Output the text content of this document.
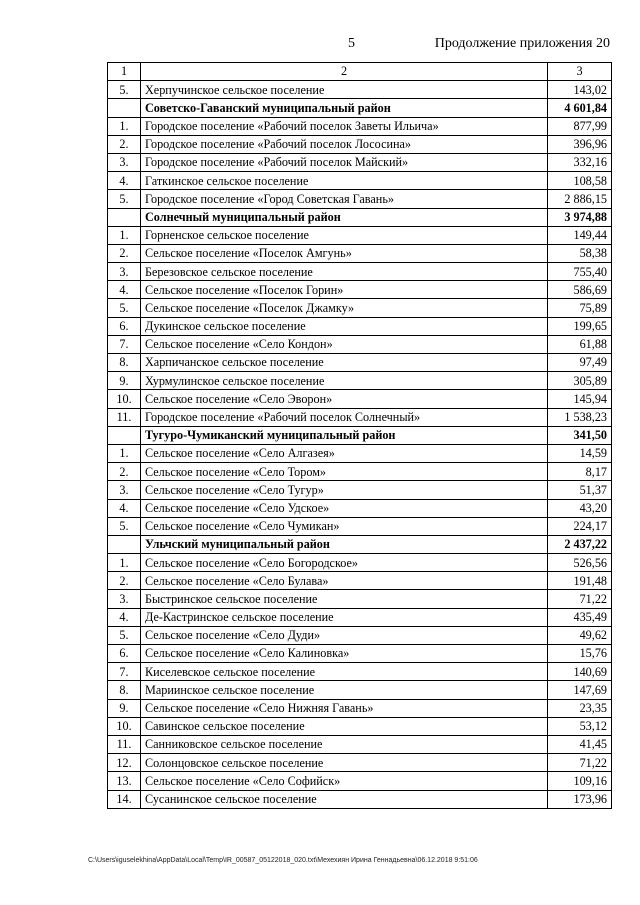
5	Продолжение приложения 20
1	2	3
5.	Херпучинское сельское поселение	143,02
	Советско-Гаванский муниципальный район	4 601,84
1.	Городское поселение «Рабочий поселок Заветы Ильича»	877,99
2.	Городское поселение «Рабочий поселок Лососина»	396,96
3.	Городское поселение «Рабочий поселок Майский»	332,16
4.	Гаткинское сельское поселение	108,58
5.	Городское поселение «Город Советская Гавань»	2 886,15
	Солнечный муниципальный район	3 974,88
1.	Горненское сельское поселение	149,44
2.	Сельское поселение «Поселок Амгунь»	58,38
3.	Березовское сельское поселение	755,40
4.	Сельское поселение «Поселок Горин»	586,69
5.	Сельское поселение «Поселок Джамку»	75,89
6.	Дукинское сельское поселение	199,65
7.	Сельское поселение «Село Кондон»	61,88
8.	Харпичанское сельское поселение	97,49
9.	Хурмулинское сельское поселение	305,89
10.	Сельское поселение «Село Эворон»	145,94
11.	Городское поселение «Рабочий поселок Солнечный»	1 538,23
	Тугуро-Чумиканский муниципальный район	341,50
1.	Сельское поселение «Село Алгазея»	14,59
2.	Сельское поселение «Село Тором»	8,17
3.	Сельское поселение «Село Тугур»	51,37
4.	Сельское поселение «Село Удское»	43,20
5.	Сельское поселение «Село Чумикан»	224,17
	Ульчский муниципальный район	2 437,22
1.	Сельское поселение «Село Богородское»	526,56
2.	Сельское поселение «Село Булава»	191,48
3.	Быстринское сельское поселение	71,22
4.	Де-Кастринское сельское поселение	435,49
5.	Сельское поселение «Село Дуди»	49,62
6.	Сельское поселение «Село Калиновка»	15,76
7.	Киселевское сельское поселение	140,69
8.	Мариинское сельское поселение	147,69
9.	Сельское поселение «Село Нижняя Гавань»	23,35
10.	Савинское сельское поселение	53,12
11.	Санниковское сельское поселение	41,45
12.	Солонцовское сельское поселение	71,22
13.	Сельское поселение «Село Софийск»	109,16
14.	Сусанинское сельское поселение	173,96
C:\Users\iguselekhina\AppData\Local\Temp\IR_00587_05122018_020.txt\Мехехиян Ирина Геннадьевна\06.12.2018 9:51:06
